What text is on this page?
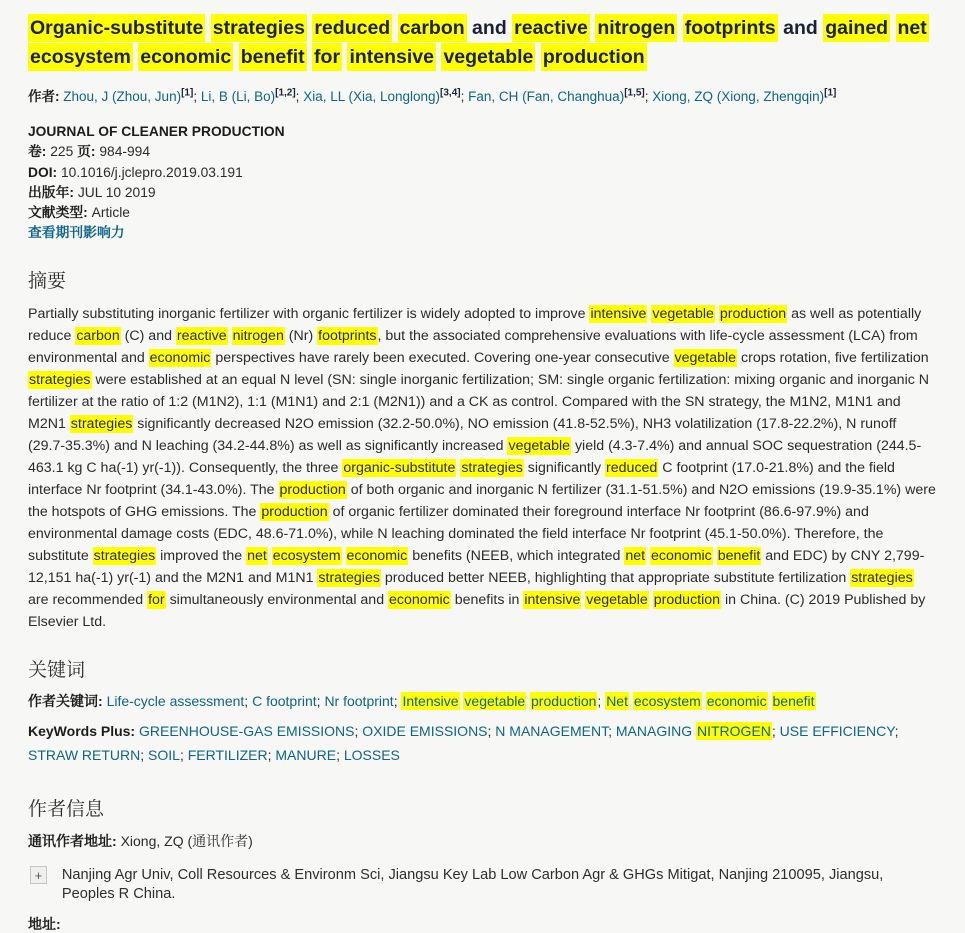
Organic-substitute strategies reduced carbon and reactive nitrogen footprints and gained net ecosystem economic benefit for intensive vegetable production

作者: Zhou, J (Zhou, Jun)[1]; Li, B (Li, Bo)[1,2]; Xia, LL (Xia, Longlong)[3,4]; Fan, CH (Fan, Changhua)[1,5]; Xiong, ZQ (Xiong, Zhengqin)[1]

JOURNAL OF CLEANER PRODUCTION

卷: 225 页: 984-994

DOI: 10.1016/j.jclepro.2019.03.191

出版年: JUL 10 2019

文献类型: Article

查看期刊影响力

摘要

Partially substituting inorganic fertilizer with organic fertilizer is widely adopted to improve intensive vegetable production as well as potentially reduce carbon (C) and reactive nitrogen (Nr) footprints, but the associated comprehensive evaluations with life-cycle assessment (LCA) from environmental and economic perspectives have rarely been executed. Covering one-year consecutive vegetable crops rotation, five fertilization strategies were established at an equal N level (SN: single inorganic fertilization; SM: single organic fertilization: mixing organic and inorganic N fertilizer at the ratio of 1:2 (M1N2), 1:1 (M1N1) and 2:1 (M2N1)) and a CK as control. Compared with the SN strategy, the M1N2, M1N1 and M2N1 strategies significantly decreased N2O emission (32.2-50.0%), NO emission (41.8-52.5%), NH3 volatilization (17.8-22.2%), N runoff (29.7-35.3%) and N leaching (34.2-44.8%) as well as significantly increased vegetable yield (4.3-7.4%) and annual SOC sequestration (244.5-463.1 kg C ha(-1) yr(-1)). Consequently, the three organic-substitute strategies significantly reduced C footprint (17.0-21.8%) and the field interface Nr footprint (34.1-43.0%). The production of both organic and inorganic N fertilizer (31.1-51.5%) and N2O emissions (19.9-35.1%) were the hotspots of GHG emissions. The production of organic fertilizer dominated their foreground interface Nr footprint (86.6-97.9%) and environmental damage costs (EDC, 48.6-71.0%), while N leaching dominated the field interface Nr footprint (45.1-50.0%). Therefore, the substitute strategies improved the net ecosystem economic benefits (NEEB, which integrated net economic benefit and EDC) by CNY 2,799-12,151 ha(-1) yr(-1) and the M2N1 and M1N1 strategies produced better NEEB, highlighting that appropriate substitute fertilization strategies are recommended for simultaneously environmental and economic benefits in intensive vegetable production in China. (C) 2019 Published by Elsevier Ltd.

关键词

作者关键词: Life-cycle assessment; C footprint; Nr footprint; Intensive vegetable production; Net ecosystem economic benefit

KeyWords Plus: GREENHOUSE-GAS EMISSIONS; OXIDE EMISSIONS; N MANAGEMENT; MANAGING NITROGEN; USE EFFICIENCY; STRAW RETURN; SOIL; FERTILIZER; MANURE; LOSSES

作者信息

通讯作者地址: Xiong, ZQ (通讯作者)

+	Nanjing Agr Univ, Coll Resources & Environm Sci, Jiangsu Key Lab Low Carbon Agr & GHGs Mitigat, Nanjing 210095, Jiangsu, Peoples R China.
地址:
